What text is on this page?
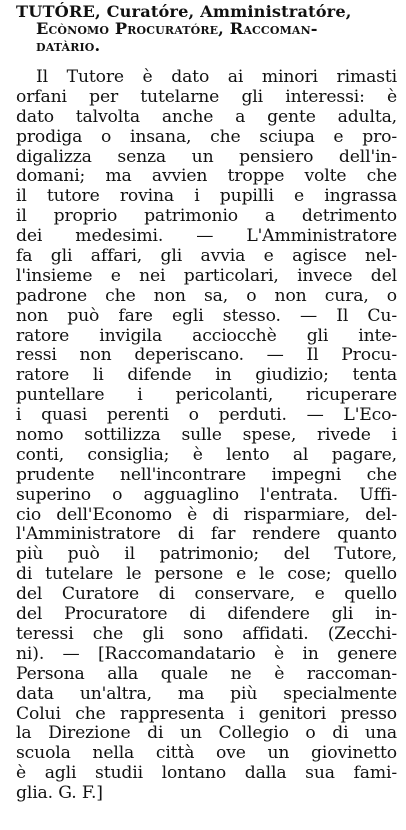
TUTÓRE, Curatóre, Amministratóre,
Ecònomo Procuratóre, Raccoman-
datàrio.
Il Tutore è dato ai minori rimasti
orfani per tutelarne gli interessi: è
dato talvolta anche a gente adulta,
prodiga o insana, che sciupa e pro-
digalizza senza un pensiero dell'in-
domani; ma avvien troppe volte che
il tutore rovina i pupilli e ingrassa
il proprio patrimonio a detrimento
dei medesimi. — L'Amministratore
fa gli affari, gli avvia e agisce nel-
l'insieme e nei particolari, invece del
padrone che non sa, o non cura, o
non può fare egli stesso. — Il Cu-
ratore invigila acciocchè gli inte-
ressi non deperiscano. — Il Procu-
ratore li difende in giudizio; tenta
puntellare i pericolanti, ricuperare
i quasi perenti o perduti. — L'Eco-
nomo sottilizza sulle spese, rivede i
conti, consiglia; è lento al pagare,
prudente nell'incontrare impegni che
superino o agguaglino l'entrata. Uffi-
cio dell'Economo è di risparmiare, del-
l'Amministratore di far rendere quanto
più può il patrimonio; del Tutore,
di tutelare le persone e le cose; quello
del Curatore di conservare, e quello
del Procuratore di difendere gli in-
teressi che gli sono affidati. (Zecchi-
ni). — [Raccomandatario è in genere
Persona alla quale ne è raccoman-
data un'altra, ma più specialmente
Colui che rappresenta i genitori presso
la Direzione di un Collegio o di una
scuola nella città ove un giovinetto
è agli studii lontano dalla sua fami-
glia. G. F.]
